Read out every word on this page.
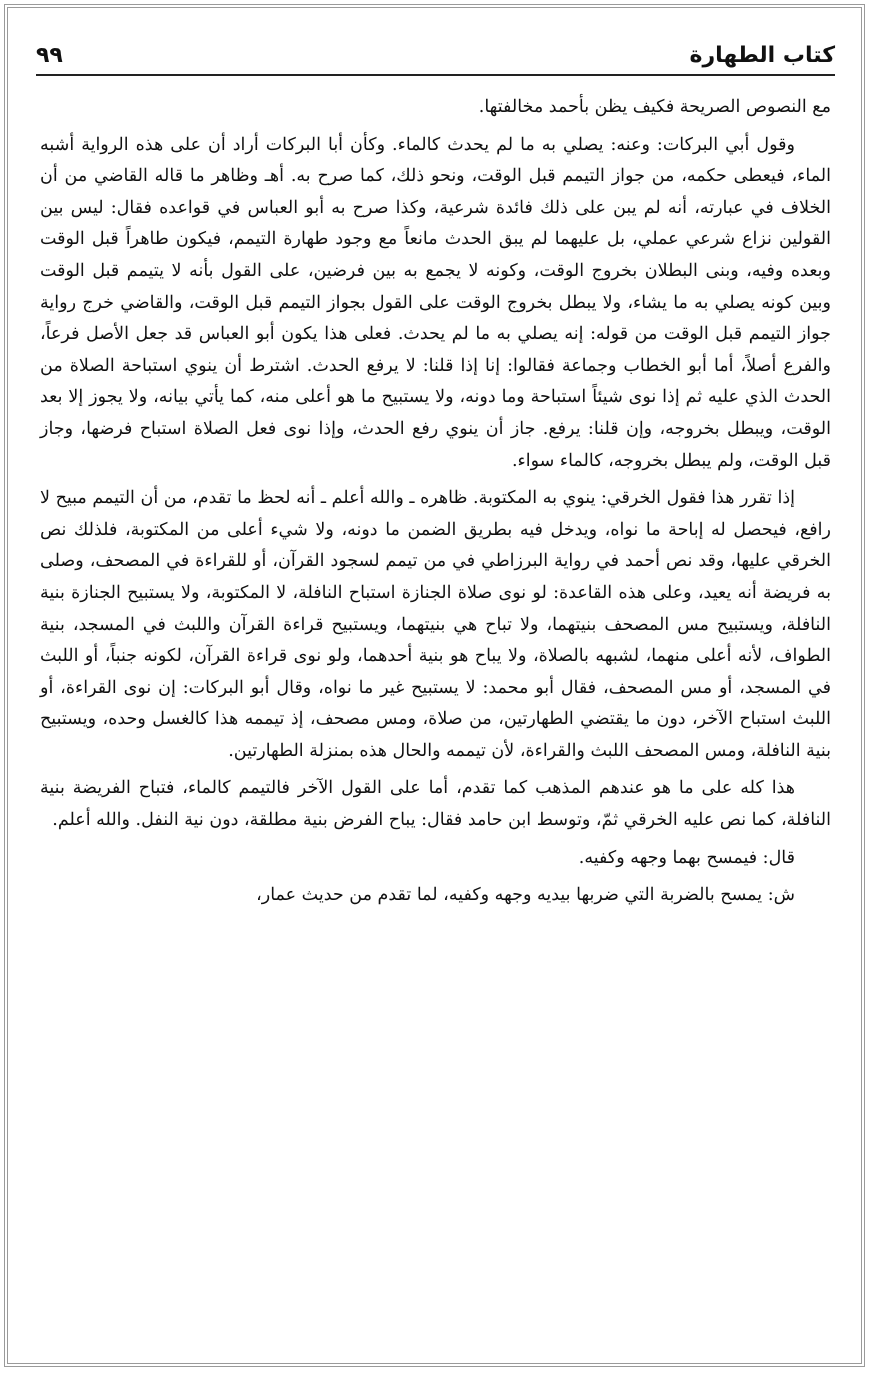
كتاب الطهارة
٩٩

مع النصوص الصريحة فكيف يظن بأحمد مخالفتها.

وقول أبي البركات: وعنه: يصلي به ما لم يحدث كالماء. وكأن أبا البركات أراد أن على هذه الرواية أشبه الماء، فيعطى حكمه، من جواز التيمم قبل الوقت، ونحو ذلك، كما صرح به. أهـ وظاهر ما قاله القاضي من أن الخلاف في عبارته، أنه لم يبن على ذلك فائدة شرعية، وكذا صرح به أبو العباس في قواعده فقال: ليس بين القولين نزاع شرعي عملي، بل عليهما لم يبق الحدث مانعاً مع وجود طهارة التيمم، فيكون طاهراً قبل الوقت وبعده وفيه، وبنى البطلان بخروج الوقت، وكونه لا يجمع به بين فرضين، على القول بأنه لا يتيمم قبل الوقت وبين كونه يصلي به ما يشاء، ولا يبطل بخروج الوقت على القول بجواز التيمم قبل الوقت، والقاضي خرج رواية جواز التيمم قبل الوقت من قوله: إنه يصلي به ما لم يحدث. فعلى هذا يكون أبو العباس قد جعل الأصل فرعاً، والفرع أصلاً، أما أبو الخطاب وجماعة فقالوا: إنا إذا قلنا: لا يرفع الحدث. اشترط أن ينوي استباحة الصلاة من الحدث الذي عليه ثم إذا نوى شيئاً استباحة وما دونه، ولا يستبيح ما هو أعلى منه، كما يأتي بيانه، ولا يجوز إلا بعد الوقت، ويبطل بخروجه، وإن قلنا: يرفع. جاز أن ينوي رفع الحدث، وإذا نوى فعل الصلاة استباح فرضها، وجاز قبل الوقت، ولم يبطل بخروجه، كالماء سواء.

إذا تقرر هذا فقول الخرقي: ينوي به المكتوبة. ظاهره ـ والله أعلم ـ أنه لحظ ما تقدم، من أن التيمم مبيح لا رافع، فيحصل له إباحة ما نواه، ويدخل فيه بطريق الضمن ما دونه، ولا شيء أعلى من المكتوبة، فلذلك نص الخرقي عليها، وقد نص أحمد في رواية البرزاطي في من تيمم لسجود القرآن، أو للقراءة في المصحف، وصلى به فريضة أنه يعيد، وعلى هذه القاعدة: لو نوى صلاة الجنازة استباح النافلة، لا المكتوبة، ولا يستبيح الجنازة بنية النافلة، ويستبيح مس المصحف بنيتهما، ولا تباح هي بنيتهما، ويستبيح قراءة القرآن واللبث في المسجد، بنية الطواف، لأنه أعلى منهما، لشبهه بالصلاة، ولا يباح هو بنية أحدهما، ولو نوى قراءة القرآن، لكونه جنباً، أو اللبث في المسجد، أو مس المصحف، فقال أبو محمد: لا يستبيح غير ما نواه، وقال أبو البركات: إن نوى القراءة، أو اللبث استباح الآخر، دون ما يقتضي الطهارتين، من صلاة، ومس مصحف، إذ تيممه هذا كالغسل وحده، ويستبيح بنية النافلة، ومس المصحف اللبث والقراءة، لأن تيممه والحال هذه بمنزلة الطهارتين.

هذا كله على ما هو عندهم المذهب كما تقدم، أما على القول الآخر فالتيمم كالماء، فتباح الفريضة بنية النافلة، كما نص عليه الخرقي ثمّ، وتوسط ابن حامد فقال: يباح الفرض بنية مطلقة، دون نية النفل. والله أعلم.

قال: فيمسح بهما وجهه وكفيه.

ش: يمسح بالضربة التي ضربها بيديه وجهه وكفيه، لما تقدم من حديث عمار،
